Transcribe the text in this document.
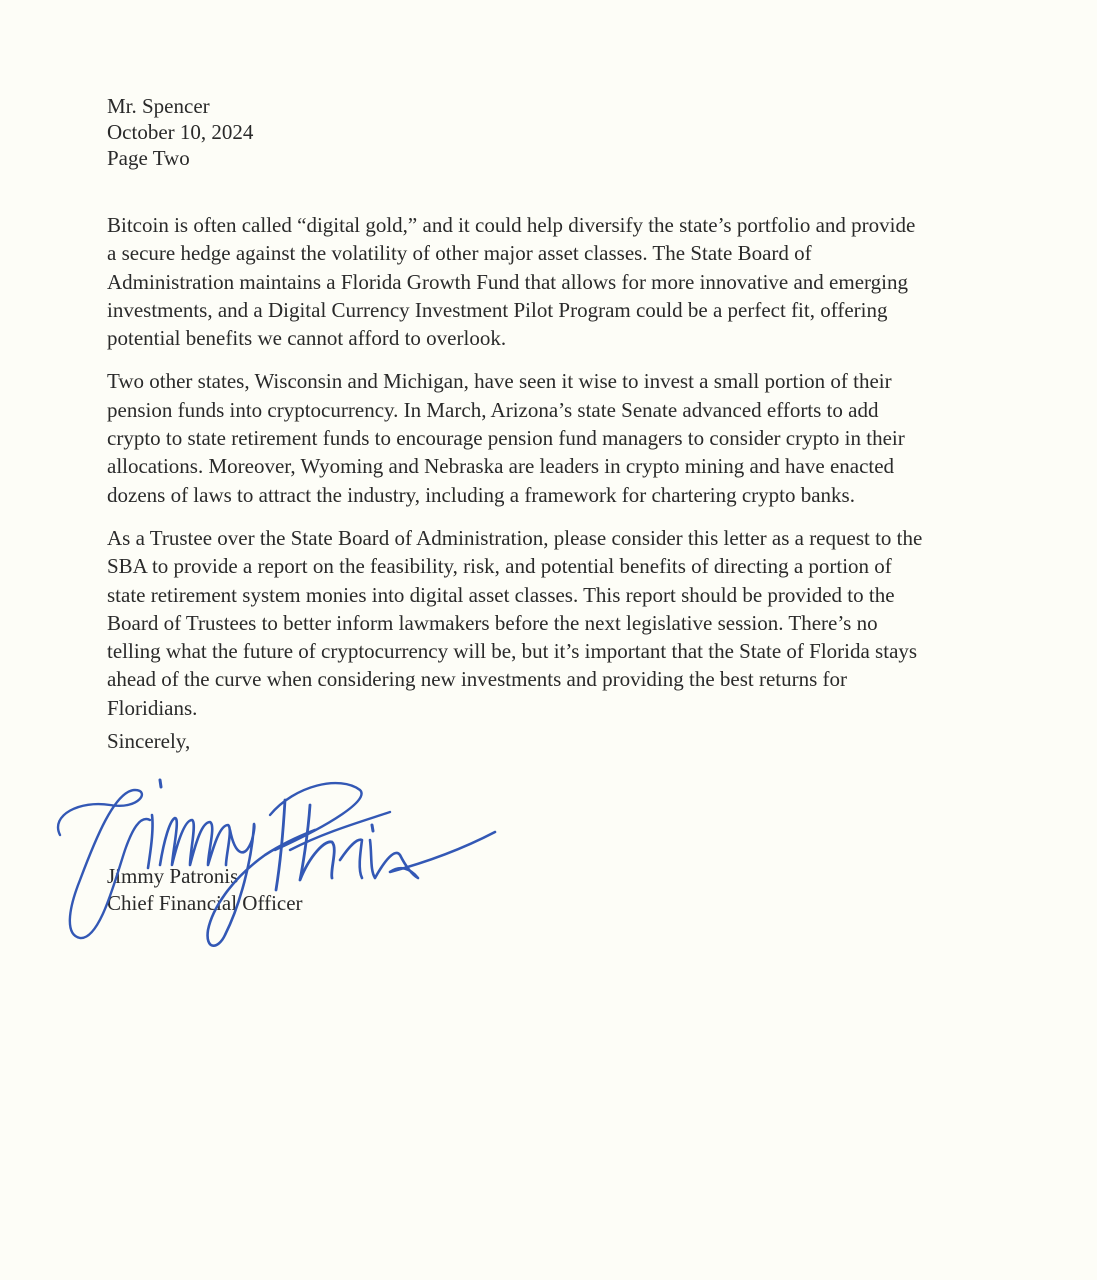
Mr. Spencer
October 10, 2024
Page Two
Bitcoin is often called “digital gold,” and it could help diversify the state’s portfolio and provide
a secure hedge against the volatility of other major asset classes. The State Board of
Administration maintains a Florida Growth Fund that allows for more innovative and emerging
investments, and a Digital Currency Investment Pilot Program could be a perfect fit, offering
potential benefits we cannot afford to overlook.
Two other states, Wisconsin and Michigan, have seen it wise to invest a small portion of their
pension funds into cryptocurrency. In March, Arizona’s state Senate advanced efforts to add
crypto to state retirement funds to encourage pension fund managers to consider crypto in their
allocations. Moreover, Wyoming and Nebraska are leaders in crypto mining and have enacted
dozens of laws to attract the industry, including a framework for chartering crypto banks.
As a Trustee over the State Board of Administration, please consider this letter as a request to the
SBA to provide a report on the feasibility, risk, and potential benefits of directing a portion of
state retirement system monies into digital asset classes. This report should be provided to the
Board of Trustees to better inform lawmakers before the next legislative session. There’s no
telling what the future of cryptocurrency will be, but it’s important that the State of Florida stays
ahead of the curve when considering new investments and providing the best returns for
Floridians.
Sincerely,
Jimmy Patronis
Chief Financial Officer
